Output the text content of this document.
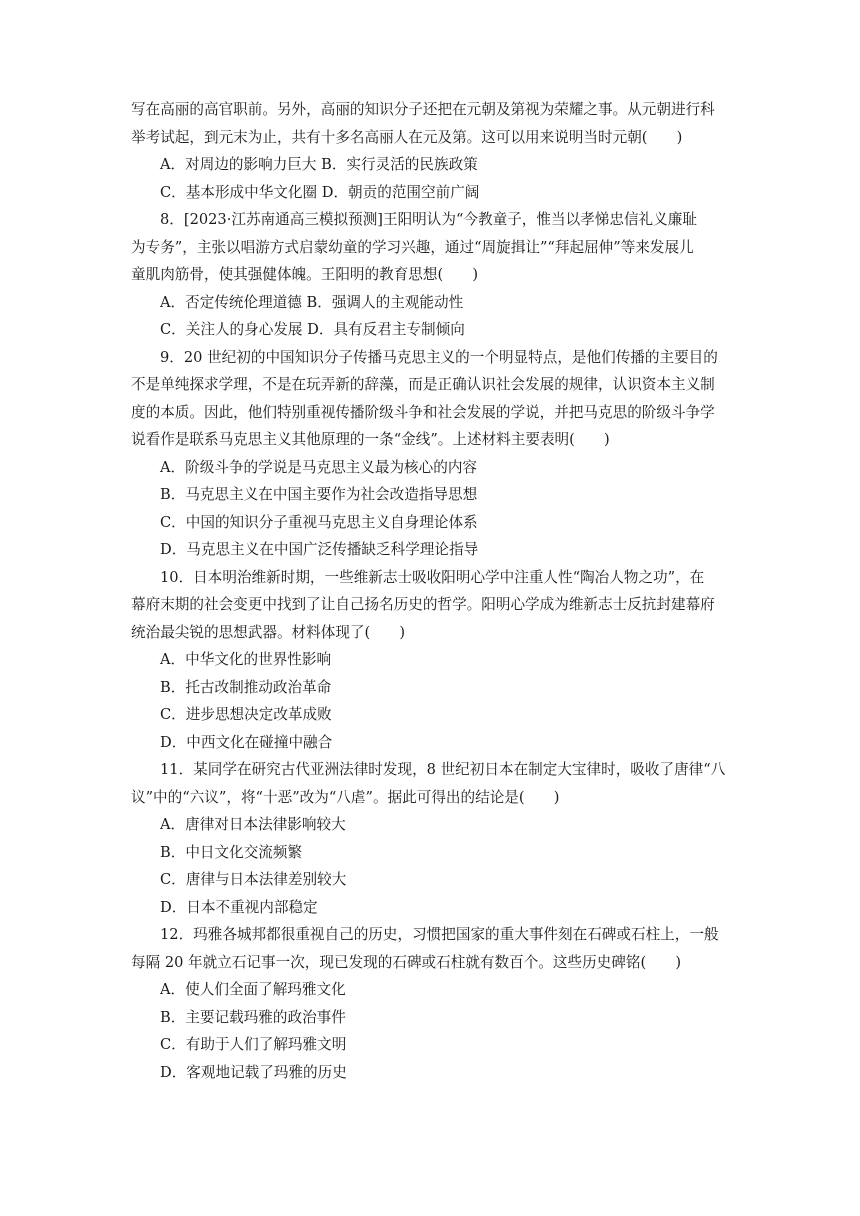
写在高丽的高官职前。另外，高丽的知识分子还把在元朝及第视为荣耀之事。从元朝进行科
举考试起，到元末为止，共有十多名高丽人在元及第。这可以用来说明当时元朝(　　)
A．对周边的影响力巨大 B．实行灵活的民族政策
C．基本形成中华文化圈 D．朝贡的范围空前广阔
8．[2023·江苏南通高三模拟预测]王阳明认为“今教童子，惟当以孝悌忠信礼义廉耻
为专务”，主张以唱游方式启蒙幼童的学习兴趣，通过“周旋揖让”“拜起屈伸”等来发展儿
童肌肉筋骨，使其强健体魄。王阳明的教育思想(　　)
A．否定传统伦理道德 B．强调人的主观能动性
C．关注人的身心发展 D．具有反君主专制倾向
9．20 世纪初的中国知识分子传播马克思主义的一个明显特点，是他们传播的主要目的
不是单纯探求学理，不是在玩弄新的辞藻，而是正确认识社会发展的规律，认识资本主义制
度的本质。因此，他们特别重视传播阶级斗争和社会发展的学说，并把马克思的阶级斗争学
说看作是联系马克思主义其他原理的一条“金线”。上述材料主要表明(　　)
A．阶级斗争的学说是马克思主义最为核心的内容
B．马克思主义在中国主要作为社会改造指导思想
C．中国的知识分子重视马克思主义自身理论体系
D．马克思主义在中国广泛传播缺乏科学理论指导
10．日本明治维新时期，一些维新志士吸收阳明心学中注重人性“陶冶人物之功”，在
幕府末期的社会变更中找到了让自己扬名历史的哲学。阳明心学成为维新志士反抗封建幕府
统治最尖锐的思想武器。材料体现了(　　)
A．中华文化的世界性影响
B．托古改制推动政治革命
C．进步思想决定改革成败
D．中西文化在碰撞中融合
11．某同学在研究古代亚洲法律时发现，8 世纪初日本在制定大宝律时，吸收了唐律“八
议”中的“六议”，将“十恶”改为“八虐”。据此可得出的结论是(　　)
A．唐律对日本法律影响较大
B．中日文化交流频繁
C．唐律与日本法律差别较大
D．日本不重视内部稳定
12．玛雅各城邦都很重视自己的历史，习惯把国家的重大事件刻在石碑或石柱上，一般
每隔 20 年就立石记事一次，现已发现的石碑或石柱就有数百个。这些历史碑铭(　　)
A．使人们全面了解玛雅文化
B．主要记载玛雅的政治事件
C．有助于人们了解玛雅文明
D．客观地记载了玛雅的历史
